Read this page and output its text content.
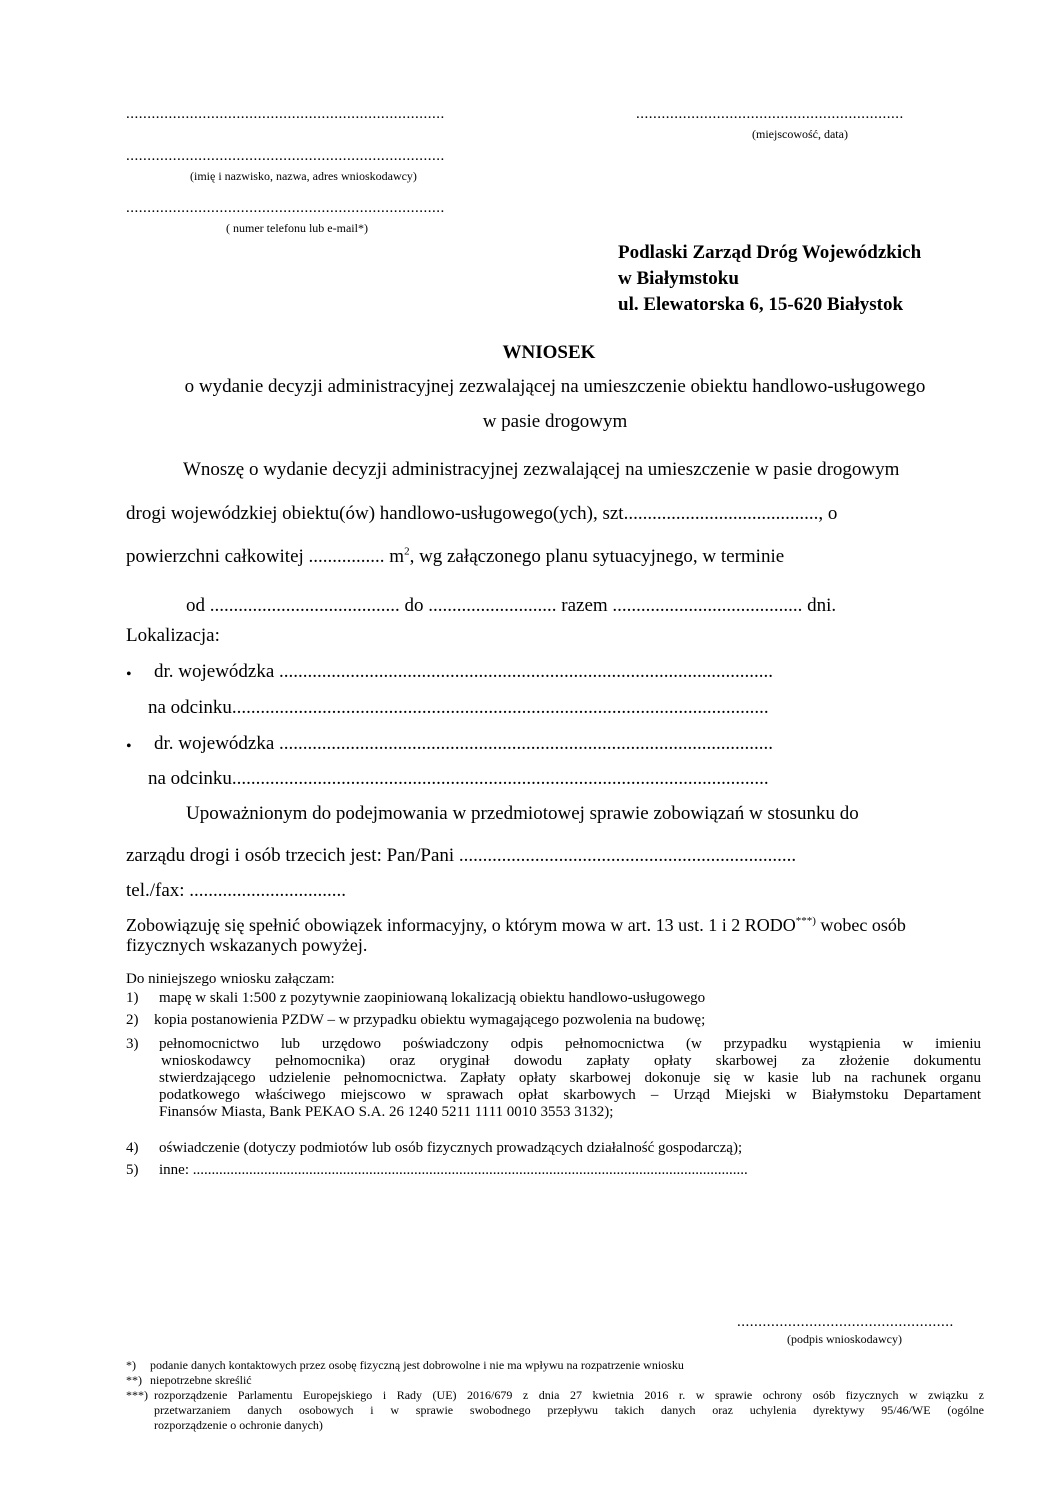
...........................................................................	...............................................................
(miejscowość, data)
...........................................................................
(imię i nazwisko, nazwa, adres wnioskodawcy)
...........................................................................
( numer telefonu lub e-mail*)
Podlaski Zarząd Dróg Wojewódzkich
w Białymstoku
ul. Elewatorska 6, 15-620 Białystok
WNIOSEK
o wydanie decyzji administracyjnej zezwalającej na umieszczenie obiektu handlowo-usługowego
w pasie drogowym
Wnoszę o wydanie decyzji administracyjnej zezwalającej na umieszczenie w pasie drogowym
drogi wojewódzkiej obiektu(ów) handlowo-usługowego(ych), szt........................................., o
powierzchni całkowitej ................ $m^2$, wg załączonego planu sytuacyjnego, w terminie
od ........................................ do ........................... razem ........................................ dni.
Lokalizacja:
• dr. wojewódzka ........................................................................................................
na odcinku.................................................................................................................
• dr. wojewódzka ........................................................................................................
na odcinku.................................................................................................................
Upoważnionym do podejmowania w przedmiotowej sprawie zobowiązań w stosunku do
zarządu drogi i osób trzecich jest: Pan/Pani .......................................................................
tel./fax: .................................
Zobowiązuję się spełnić obowiązek informacyjny, o którym mowa w art. 13 ust. 1 i 2 RODO***) wobec osób
fizycznych wskazanych powyżej.
Do niniejszego wniosku załączam:
1) mapę w skali 1:500 z pozytywnie zaopiniowaną lokalizacją obiektu handlowo-usługowego
2) kopia postanowienia PZDW – w przypadku obiektu wymagającego pozwolenia na budowę;
3) pełnomocnictwo lub urzędowo poświadczony odpis pełnomocnictwa (w przypadku wystąpienia w imieniu
wnioskodawcy pełnomocnika) oraz oryginał dowodu zapłaty opłaty skarbowej za złożenie dokumentu
stwierdzającego udzielenie pełnomocnictwa. Zapłaty opłaty skarbowej dokonuje się w kasie lub na rachunek organu
podatkowego właściwego miejscowo w sprawach opłat skarbowych – Urząd Miejski w Białymstoku Departament
Finansów Miasta, Bank PEKAO S.A. 26 1240 5211 1111 0010 3553 3132);
4) oświadczenie (dotyczy podmiotów lub osób fizycznych prowadzących działalność gospodarczą);
5) inne: ....................................................................................................................................................
...................................................
(podpis wnioskodawcy)
*) podanie danych kontaktowych przez osobę fizyczną jest dobrowolne i nie ma wpływu na rozpatrzenie wniosku
**) niepotrzebne skreślić
***) rozporządzenie Parlamentu Europejskiego i Rady (UE) 2016/679 z dnia 27 kwietnia 2016 r. w sprawie ochrony osób fizycznych w związku z
przetwarzaniem danych osobowych i w sprawie swobodnego przepływu takich danych oraz uchylenia dyrektywy 95/46/WE (ogólne
rozporządzenie o ochronie danych)
